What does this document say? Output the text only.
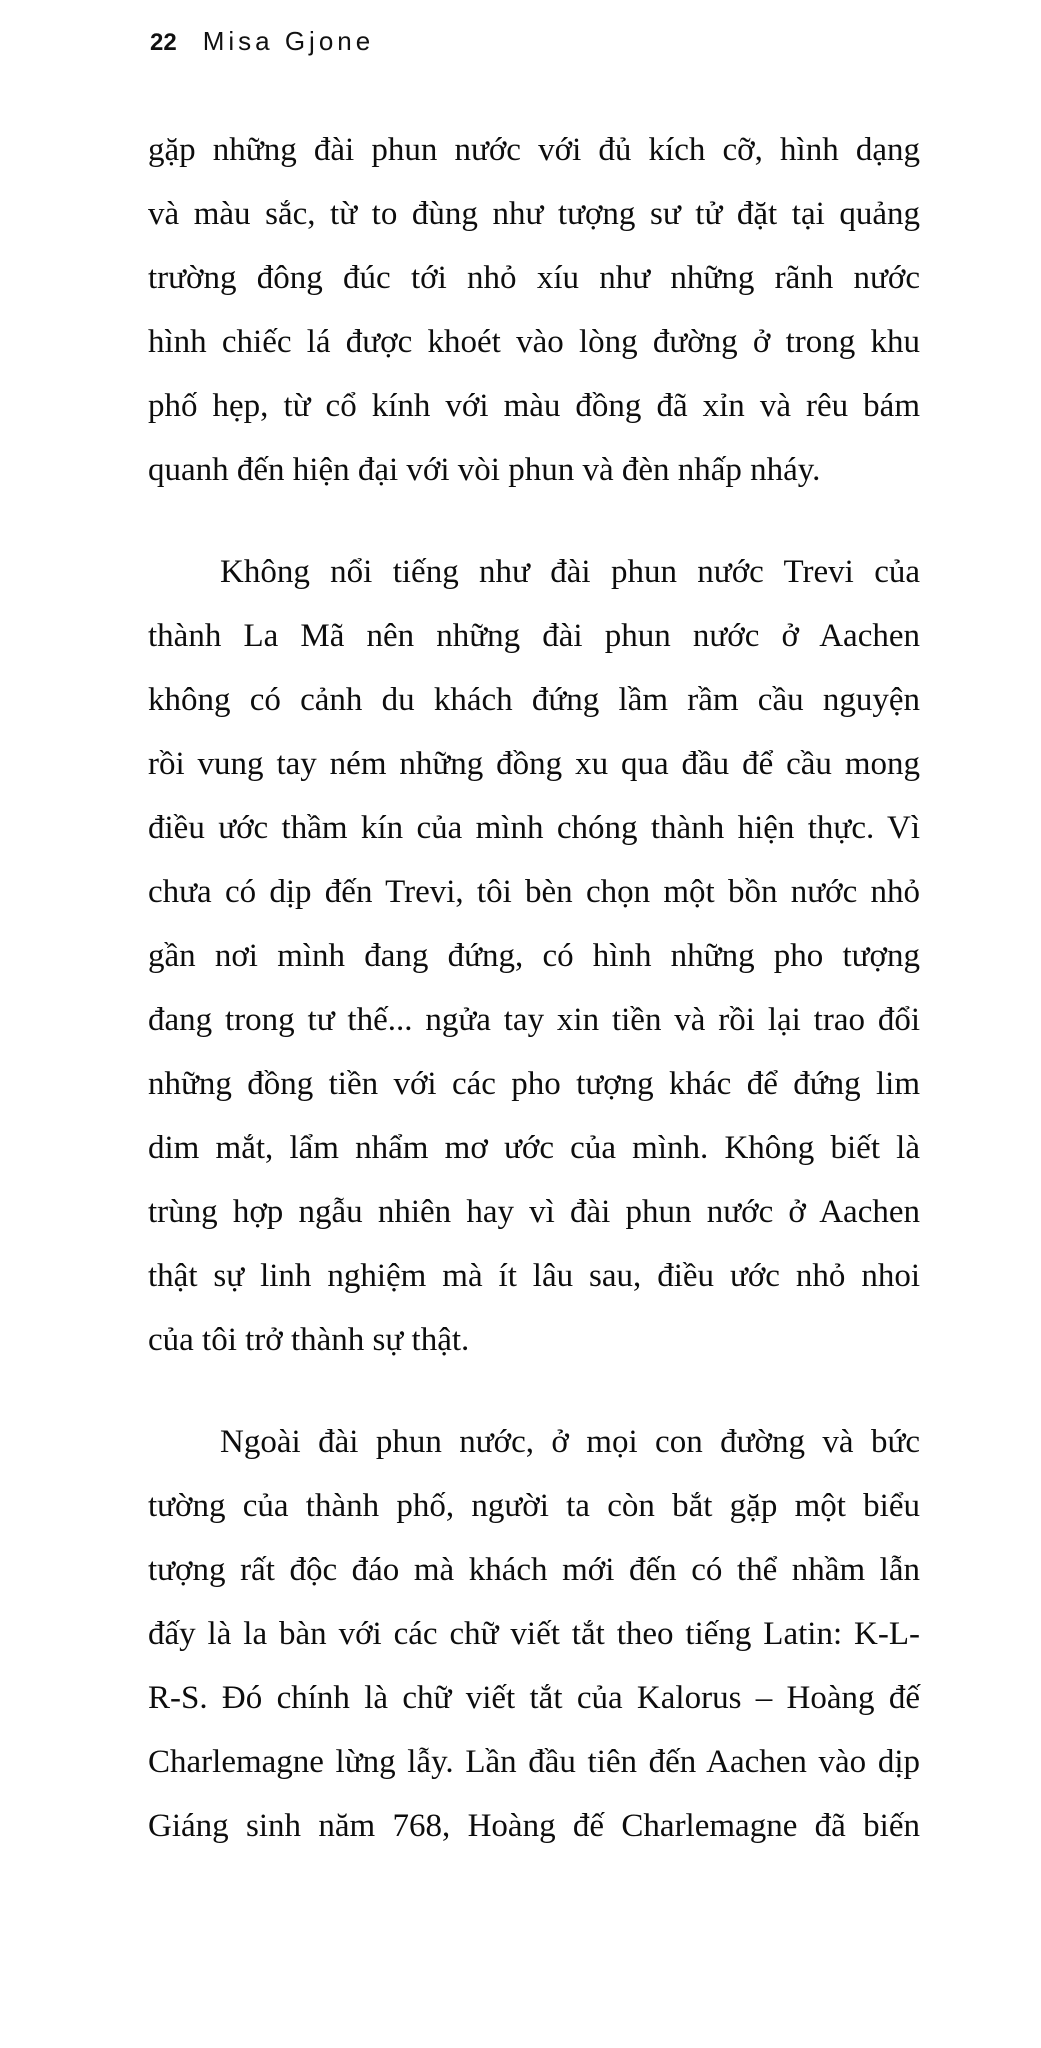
22 Misa Gjone
gặp những đài phun nước với đủ kích cỡ, hình dạng
và màu sắc, từ to đùng như tượng sư tử đặt tại quảng
trường đông đúc tới nhỏ xíu như những rãnh nước
hình chiếc lá được khoét vào lòng đường ở trong khu
phố hẹp, từ cổ kính với màu đồng đã xỉn và rêu bám
quanh đến hiện đại với vòi phun và đèn nhấp nháy.
Không nổi tiếng như đài phun nước Trevi của
thành La Mã nên những đài phun nước ở Aachen
không có cảnh du khách đứng lầm rầm cầu nguyện
rồi vung tay ném những đồng xu qua đầu để cầu mong
điều ước thầm kín của mình chóng thành hiện thực. Vì
chưa có dịp đến Trevi, tôi bèn chọn một bồn nước nhỏ
gần nơi mình đang đứng, có hình những pho tượng
đang trong tư thế... ngửa tay xin tiền và rồi lại trao đổi
những đồng tiền với các pho tượng khác để đứng lim
dim mắt, lẩm nhẩm mơ ước của mình. Không biết là
trùng hợp ngẫu nhiên hay vì đài phun nước ở Aachen
thật sự linh nghiệm mà ít lâu sau, điều ước nhỏ nhoi
của tôi trở thành sự thật.
Ngoài đài phun nước, ở mọi con đường và bức
tường của thành phố, người ta còn bắt gặp một biểu
tượng rất độc đáo mà khách mới đến có thể nhầm lẫn
đấy là la bàn với các chữ viết tắt theo tiếng Latin: K-L-
R-S. Đó chính là chữ viết tắt của Kalorus – Hoàng đế
Charlemagne lừng lẫy. Lần đầu tiên đến Aachen vào dịp
Giáng sinh năm 768, Hoàng đế Charlemagne đã biến
